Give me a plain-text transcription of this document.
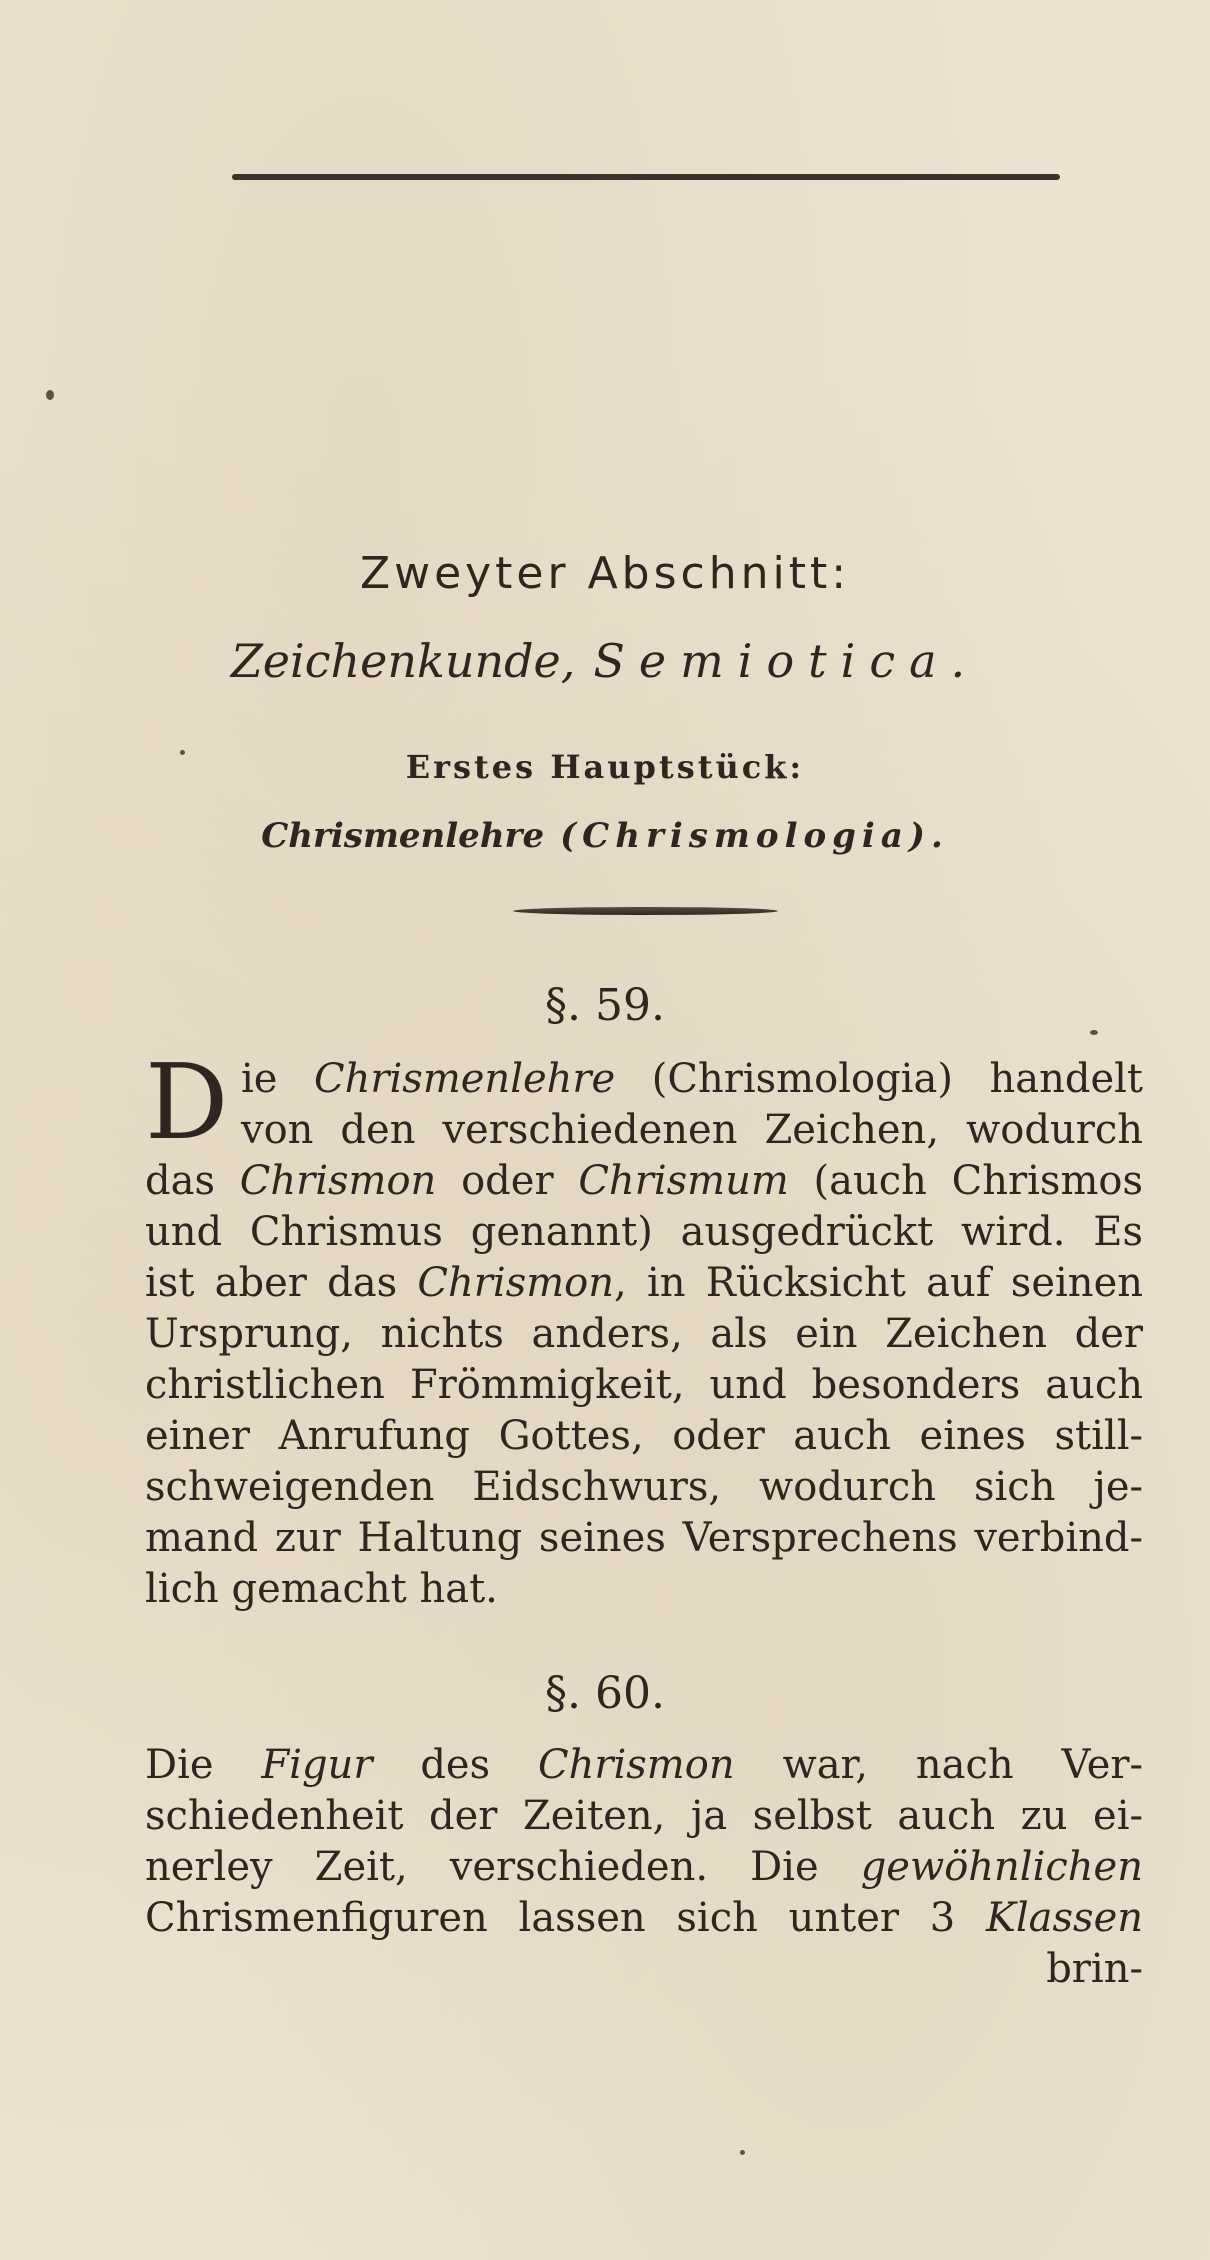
Zweyter Abschnitt:
Zeichenkunde, Semiotica.
Erstes Hauptstück:
Chrismenlehre (Chrismologia).
§. 59.
D ie Chrismenlehre (Chrismologia) handelt
von den verschiedenen Zeichen, wodurch
das Chrismon oder Chrismum (auch Chrismos
und Chrismus genannt) ausgedrückt wird. Es
ist aber das Chrismon, in Rücksicht auf seinen
Ursprung, nichts anders, als ein Zeichen der
christlichen Frömmigkeit, und besonders auch
einer Anrufung Gottes, oder auch eines still-
schweigenden Eidschwurs, wodurch sich je-
mand zur Haltung seines Versprechens verbind-
lich gemacht hat.
§. 60.
Die Figur des Chrismon war, nach Ver-
schiedenheit der Zeiten, ja selbst auch zu ei-
nerley Zeit, verschieden. Die gewöhnlichen
Chrismenfiguren lassen sich unter 3 Klassen
brin-
